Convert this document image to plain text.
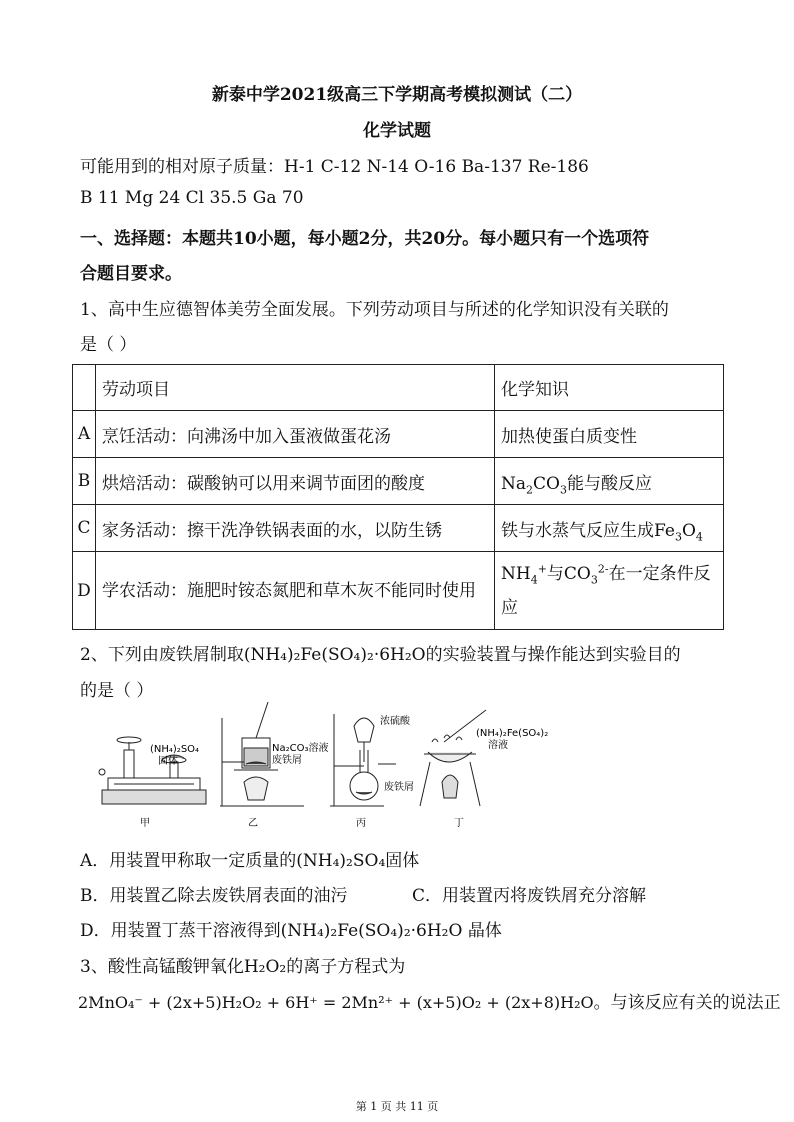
新泰中学2021级高三下学期高考模拟测试（二）
化学试题
可能用到的相对原子质量：H-1 C-12 N-14 O-16 Ba-137 Re-186
B 11 Mg 24 Cl 35.5 Ga 70
一、选择题：本题共10小题，每小题2分，共20分。每小题只有一个选项符
合题目要求。
1、高中生应德智体美劳全面发展。下列劳动项目与所述的化学知识没有关联的
是（ ）
	劳动项目	化学知识
A	烹饪活动：向沸汤中加入蛋液做蛋花汤	加热使蛋白质变性
B	烘焙活动：碳酸钠可以用来调节面团的酸度	$Na_2CO_3$能与酸反应
C	家务活动：擦干洗净铁锅表面的水，以防生锈	铁与水蒸气反应生成$Fe_3O_4$
D	学农活动：施肥时铵态氮肥和草木灰不能同时使用	$NH_4^+$与$CO_3^{2-}$在一定条件反应
2、下列由废铁屑制取(NH₄)₂Fe(SO₄)₂·6H₂O的实验装置与操作能达到实验目的
的是（ ）
(NH₄)₂SO₄
固体
Na₂CO₃溶液
废铁屑
浓硫酸
废铁屑
(NH₄)₂Fe(SO₄)₂
溶液
甲	乙	丙	丁
A．用装置甲称取一定质量的(NH₄)₂SO₄固体
B．用装置乙除去废铁屑表面的油污	C．用装置丙将废铁屑充分溶解
D．用装置丁蒸干溶液得到(NH₄)₂Fe(SO₄)₂·6H₂O 晶体
3、酸性高锰酸钾氧化H₂O₂的离子方程式为
2MnO₄⁻ + (2x+5)H₂O₂ + 6H⁺ = 2Mn²⁺ + (x+5)O₂ + (2x+8)H₂O。与该反应有关的说法正
第 1 页 共 11 页
